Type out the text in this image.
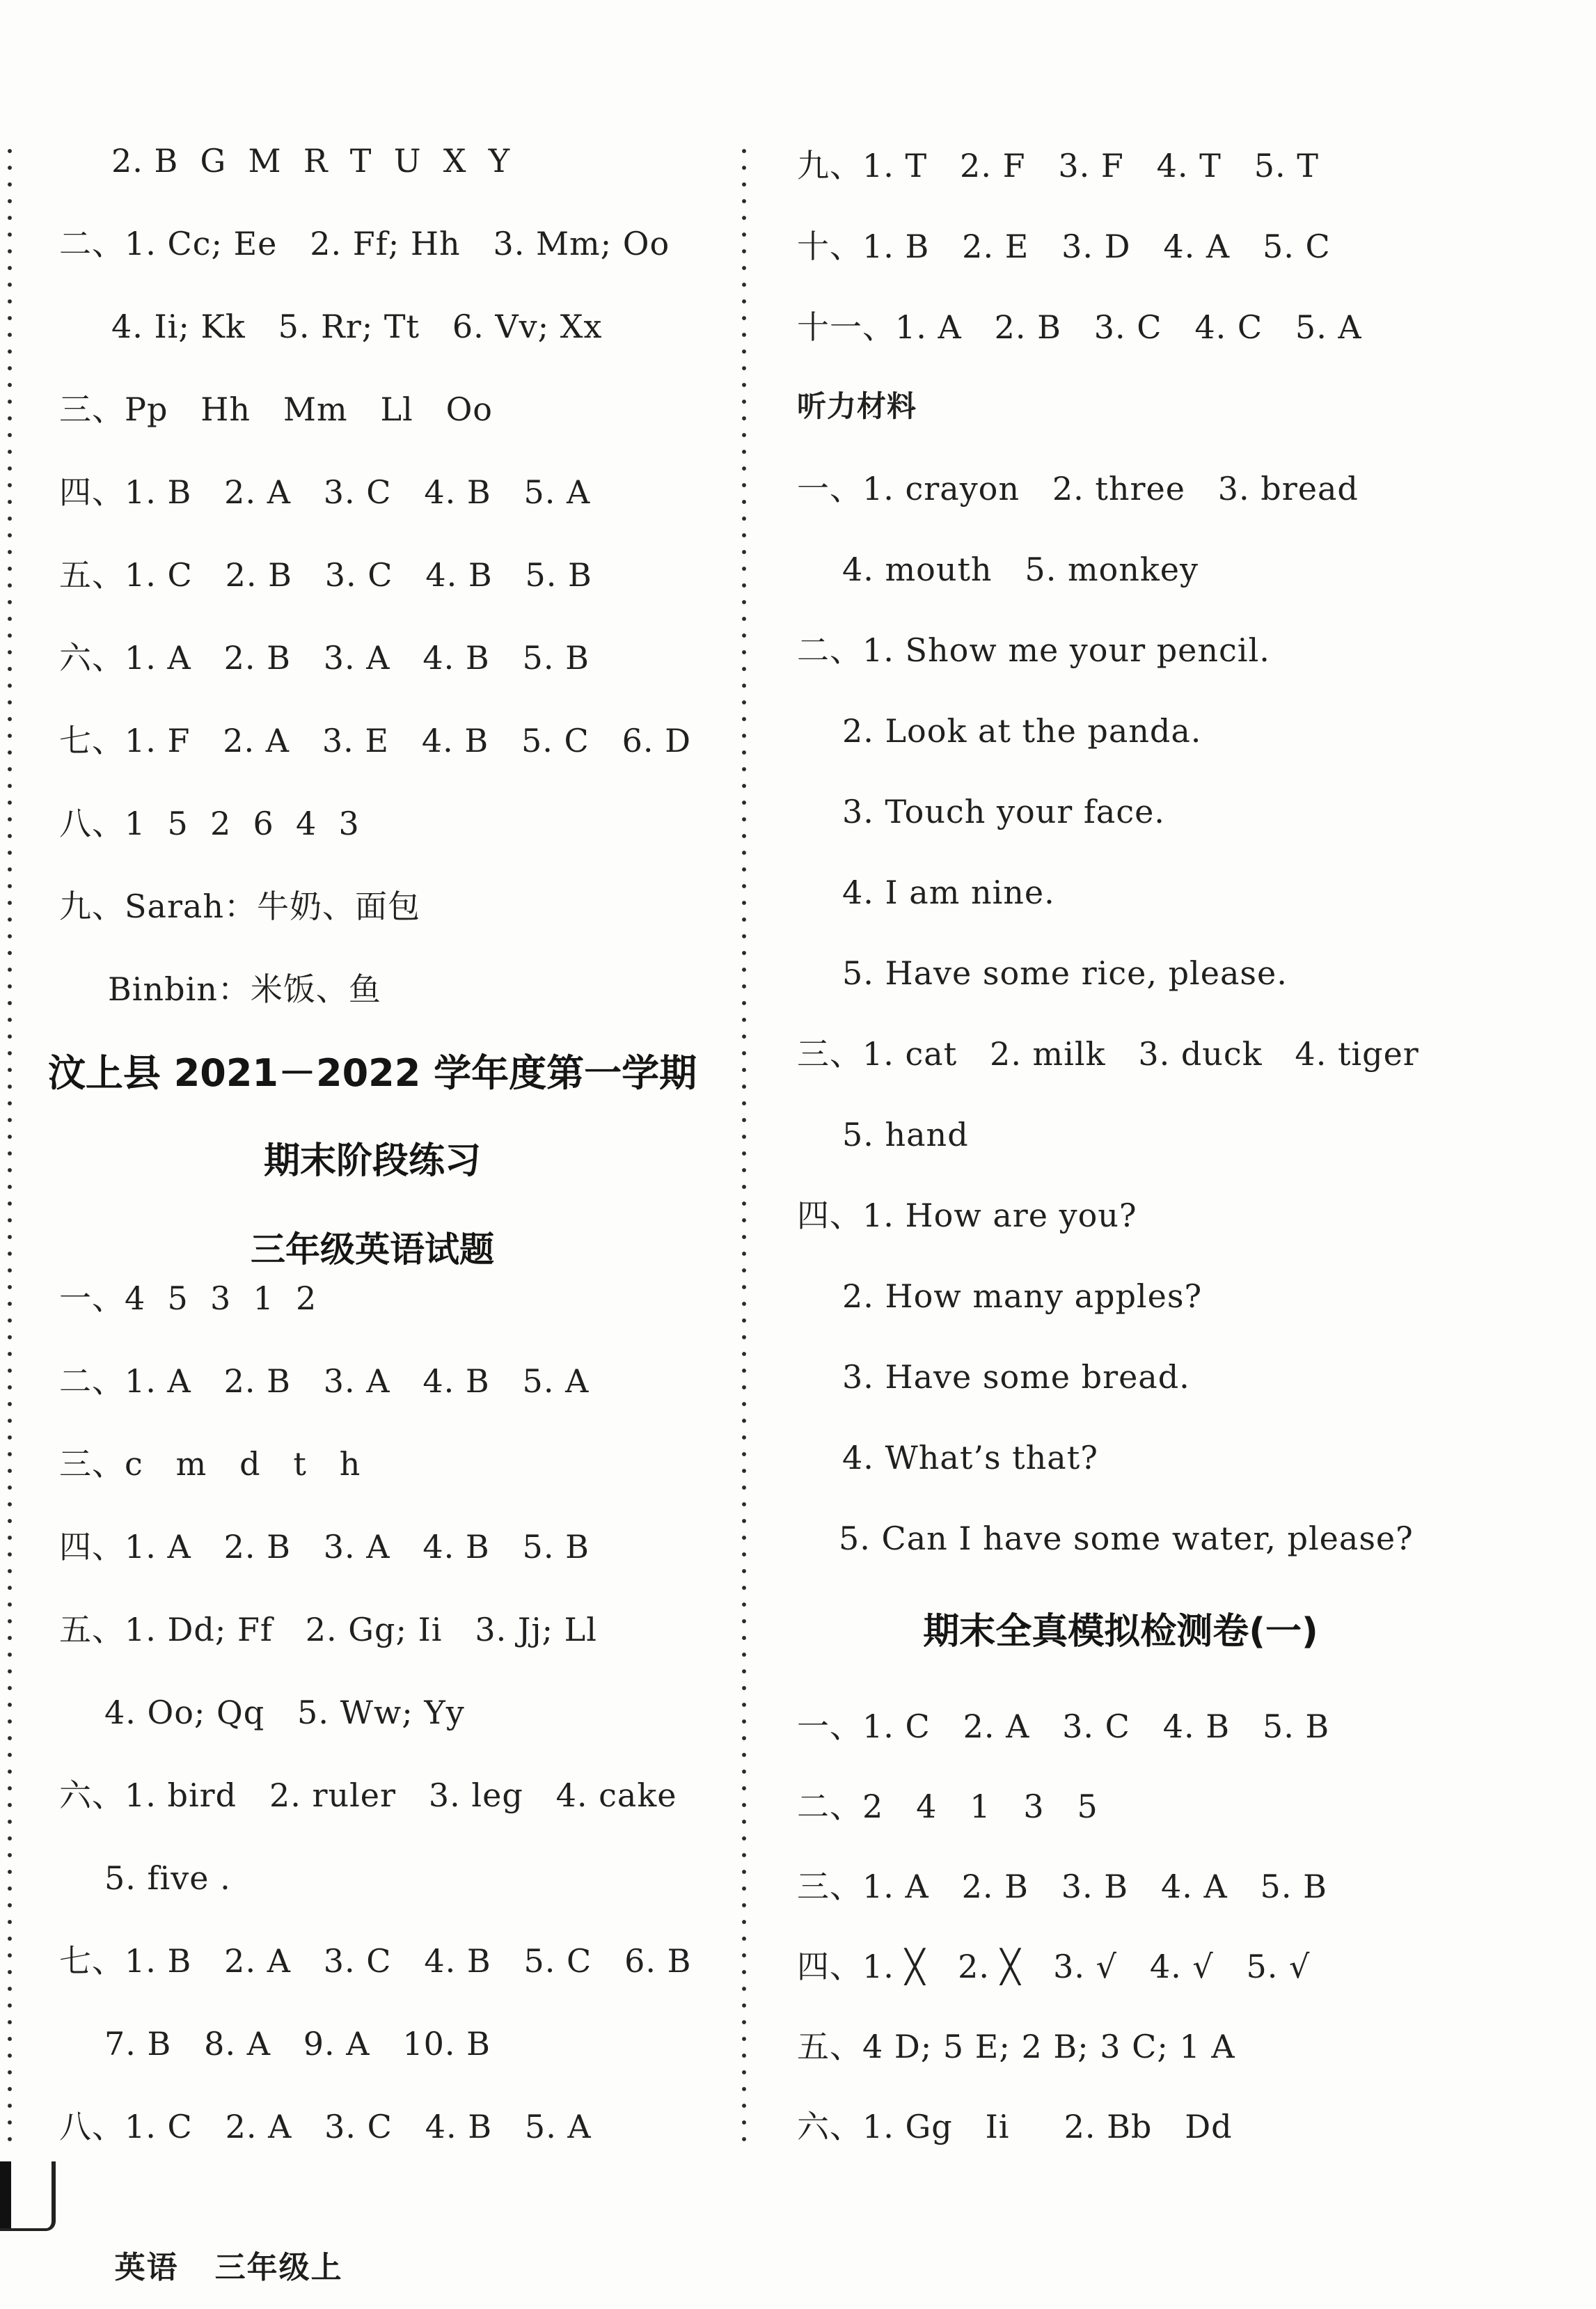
2. B  G  M  R  T  U  X  Y
二、1. Cc; Ee   2. Ff; Hh   3. Mm; Oo
4. Ii; Kk   5. Rr; Tt   6. Vv; Xx
三、Pp   Hh   Mm   Ll   Oo
四、1. B   2. A   3. C   4. B   5. A
五、1. C   2. B   3. C   4. B   5. B
六、1. A   2. B   3. A   4. B   5. B
七、1. F   2. A   3. E   4. B   5. C   6. D
八、1  5  2  6  4  3
九、Sarah：牛奶、面包
Binbin：米饭、鱼
汶上县 2021－2022 学年度第一学期
期末阶段练习
三年级英语试题
一、4  5  3  1  2
二、1. A   2. B   3. A   4. B   5. A
三、c   m   d   t   h
四、1. A   2. B   3. A   4. B   5. B
五、1. Dd; Ff   2. Gg; Ii   3. Jj; Ll
4. Oo; Qq   5. Ww; Yy
六、1. bird   2. ruler   3. leg   4. cake
5. five .
七、1. B   2. A   3. C   4. B   5. C   6. B
7. B   8. A   9. A   10. B
八、1. C   2. A   3. C   4. B   5. A
九、1. T   2. F   3. F   4. T   5. T
十、1. B   2. E   3. D   4. A   5. C
十一、1. A   2. B   3. C   4. C   5. A
听力材料
一、1. crayon   2. three   3. bread
4. mouth   5. monkey
二、1. Show me your pencil.
2. Look at the panda.
3. Touch your face.
4. I am nine.
5. Have some rice, please.
三、1. cat   2. milk   3. duck   4. tiger
5. hand
四、1. How are you?
2. How many apples?
3. Have some bread.
4. What’s that?
5. Can I have some water, please?
期末全真模拟检测卷(一)
一、1. C   2. A   3. C   4. B   5. B
二、2   4   1   3   5
三、1. A   2. B   3. B   4. A   5. B
四、1. ╳   2. ╳   3. √   4. √   5. √
五、4 D; 5 E; 2 B; 3 C; 1 A
六、1. Gg   Ii     2. Bb   Dd

英语 三年级上
